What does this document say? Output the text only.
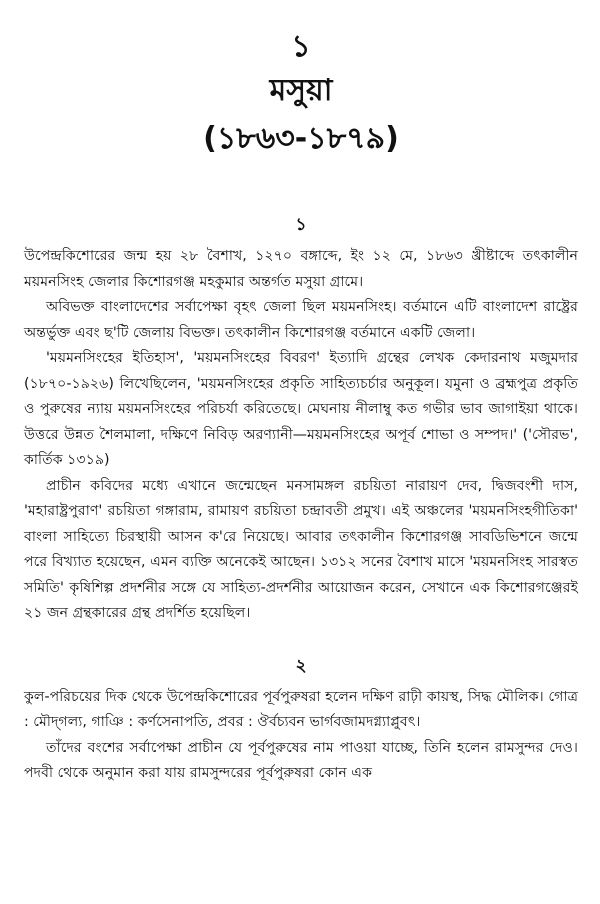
১
মসুয়া
(১৮৬৩-১৮৭৯)
১

উপেন্দ্রকিশোরের জন্ম হয় ২৮ বৈশাখ, ১২৭০ বঙ্গাব্দে, ইং ১২ মে, ১৮৬৩ খ্রীষ্টাব্দে তৎকালীন ময়মনসিংহ জেলার কিশোরগঞ্জ মহকুমার অন্তর্গত মসুয়া গ্রামে।

অবিভক্ত বাংলাদেশের সর্বাপেক্ষা বৃহৎ জেলা ছিল ময়মনসিংহ। বর্তমানে এটি বাংলাদেশ রাষ্ট্রের অন্তর্ভুক্ত এবং ছ'টি জেলায় বিভক্ত। তৎকালীন কিশোরগঞ্জ বর্তমানে একটি জেলা।

'ময়মনসিংহের ইতিহাস', 'ময়মনসিংহের বিবরণ' ইত্যাদি গ্রন্থের লেখক কেদারনাথ মজুমদার (১৮৭০-১৯২৬) লিখেছিলেন, 'ময়মনসিংহের প্রকৃতি সাহিত্যচর্চার অনুকূল। যমুনা ও ব্রহ্মপুত্র প্রকৃতি ও পুরুষের ন্যায় ময়মনসিংহের পরিচর্যা করিতেছে। মেঘনায় নীলাম্বু কত গভীর ভাব জাগাইয়া থাকে। উত্তরে উন্নত শৈলমালা, দক্ষিণে নিবিড় অরণ্যানী—ময়মনসিংহের অপূর্ব শোভা ও সম্পদ।' ('সৌরভ', কার্তিক ১৩১৯)

প্রাচীন কবিদের মধ্যে এখানে জন্মেছেন মনসামঙ্গল রচয়িতা নারায়ণ দেব, দ্বিজবংশী দাস, 'মহারাষ্ট্রপুরাণ' রচয়িতা গঙ্গারাম, রামায়ণ রচয়িতা চন্দ্রাবতী প্রমুখ। এই অঞ্চলের 'ময়মনসিংহগীতিকা' বাংলা সাহিত্যে চিরস্থায়ী আসন ক'রে নিয়েছে। আবার তৎকালীন কিশোরগঞ্জ সাবডিভিশনে জন্মে পরে বিখ্যাত হয়েছেন, এমন ব্যক্তি অনেকেই আছেন। ১৩১২ সনের বৈশাখ মাসে 'ময়মনসিংহ সারস্বত সমিতি' কৃষিশিল্প প্রদর্শনীর সঙ্গে যে সাহিত্য-প্রদর্শনীর আয়োজন করেন, সেখানে এক কিশোরগঞ্জেরই ২১ জন গ্রন্থকারের গ্রন্থ প্রদর্শিত হয়েছিল।

২

কুল-পরিচয়ের দিক থেকে উপেন্দ্রকিশোরের পূর্বপুরুষরা হলেন দক্ষিণ রাঢ়ী কায়স্থ, সিদ্ধ মৌলিক। গোত্র : মৌদ্‌গল্য, গাঞি : কর্ণসেনাপতি, প্রবর : ঔর্বচ্যবন ভার্গবজামদগ্ন্যাপ্লুবৎ।

তাঁদের বংশের সর্বাপেক্ষা প্রাচীন যে পূর্বপুরুষের নাম পাওয়া যাচ্ছে, তিনি হলেন রামসুন্দর দেও। পদবী থেকে অনুমান করা যায় রামসুন্দরের পূর্বপুরুষরা কোন এক
